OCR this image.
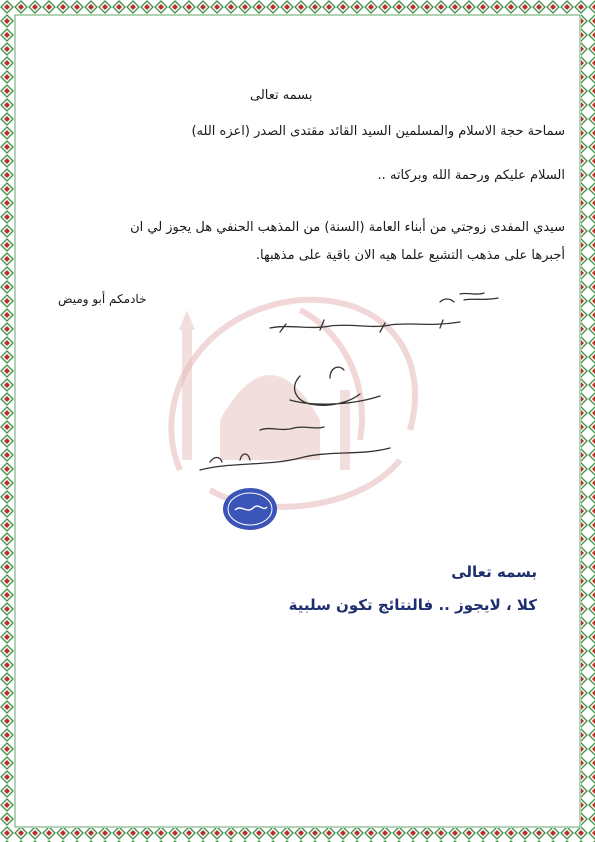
بسمه تعالى
سماحة حجة الاسلام والمسلمين السيد القائد مقتدى الصدر (اعزه الله)
السلام عليكم ورحمة الله وبركاته ..
سيدي المفدى زوجتي من أبناء العامة (السنة) من المذهب الحنفي هل يجوز لي ان
أجبرها على مذهب التشيع علما هيه الان باقية على مذهبها.
خادمكم أبو وميض
بسمه تعالى
كلا ، لايجوز .. فالنتائج تكون سلبية
